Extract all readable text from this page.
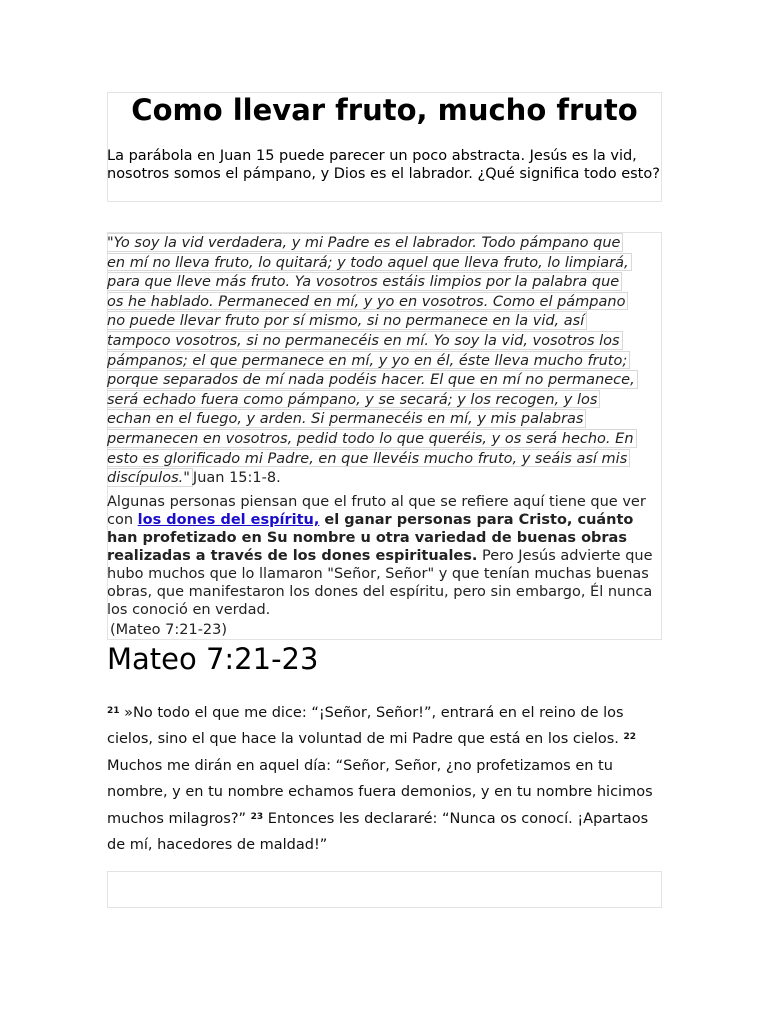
Como llevar fruto, mucho fruto

La parábola en Juan 15 puede parecer un poco abstracta. Jesús es la vid, nosotros somos el pámpano, y Dios es el labrador. ¿Qué significa todo esto?

"Yo soy la vid verdadera, y mi Padre es el labrador. Todo pámpano que
en mí no lleva fruto, lo quitará; y todo aquel que lleva fruto, lo limpiará,
para que lleve más fruto. Ya vosotros estáis limpios por la palabra que
os he hablado. Permaneced en mí, y yo en vosotros. Como el pámpano
no puede llevar fruto por sí mismo, si no permanece en la vid, así
tampoco vosotros, si no permanecéis en mí. Yo soy la vid, vosotros los
pámpanos; el que permanece en mí, y yo en él, éste lleva mucho fruto;
porque separados de mí nada podéis hacer. El que en mí no permanece,
será echado fuera como pámpano, y se secará; y los recogen, y los
echan en el fuego, y arden. Si permanecéis en mí, y mis palabras
permanecen en vosotros, pedid todo lo que queréis, y os será hecho. En
esto es glorificado mi Padre, en que llevéis mucho fruto, y seáis así mis
discípulos."Juan 15:1-8.

Algunas personas piensan que el fruto al que se refiere aquí tiene que ver con los dones del espíritu, el ganar personas para Cristo, cuánto han profetizado en Su nombre u otra variedad de buenas obras realizadas a través de los dones espirituales. Pero Jesús advierte que hubo muchos que lo llamaron "Señor, Señor" y que tenían muchas buenas obras, que manifestaron los dones del espíritu, pero sin embargo, Él nunca los conoció en verdad.

(Mateo 7:21-23)

Mateo 7:21-23

$^{21}$ »No todo el que me dice: “¡Señor, Señor!”, entrará en el reino de los cielos, sino el que hace la voluntad de mi Padre que está en los cielos. $^{22}$ Muchos me dirán en aquel día: “Señor, Señor, ¿no profetizamos en tu nombre, y en tu nombre echamos fuera demonios, y en tu nombre hicimos muchos milagros?” $^{23}$ Entonces les declararé: “Nunca os conocí. ¡Apartaos de mí, hacedores de maldad!”
